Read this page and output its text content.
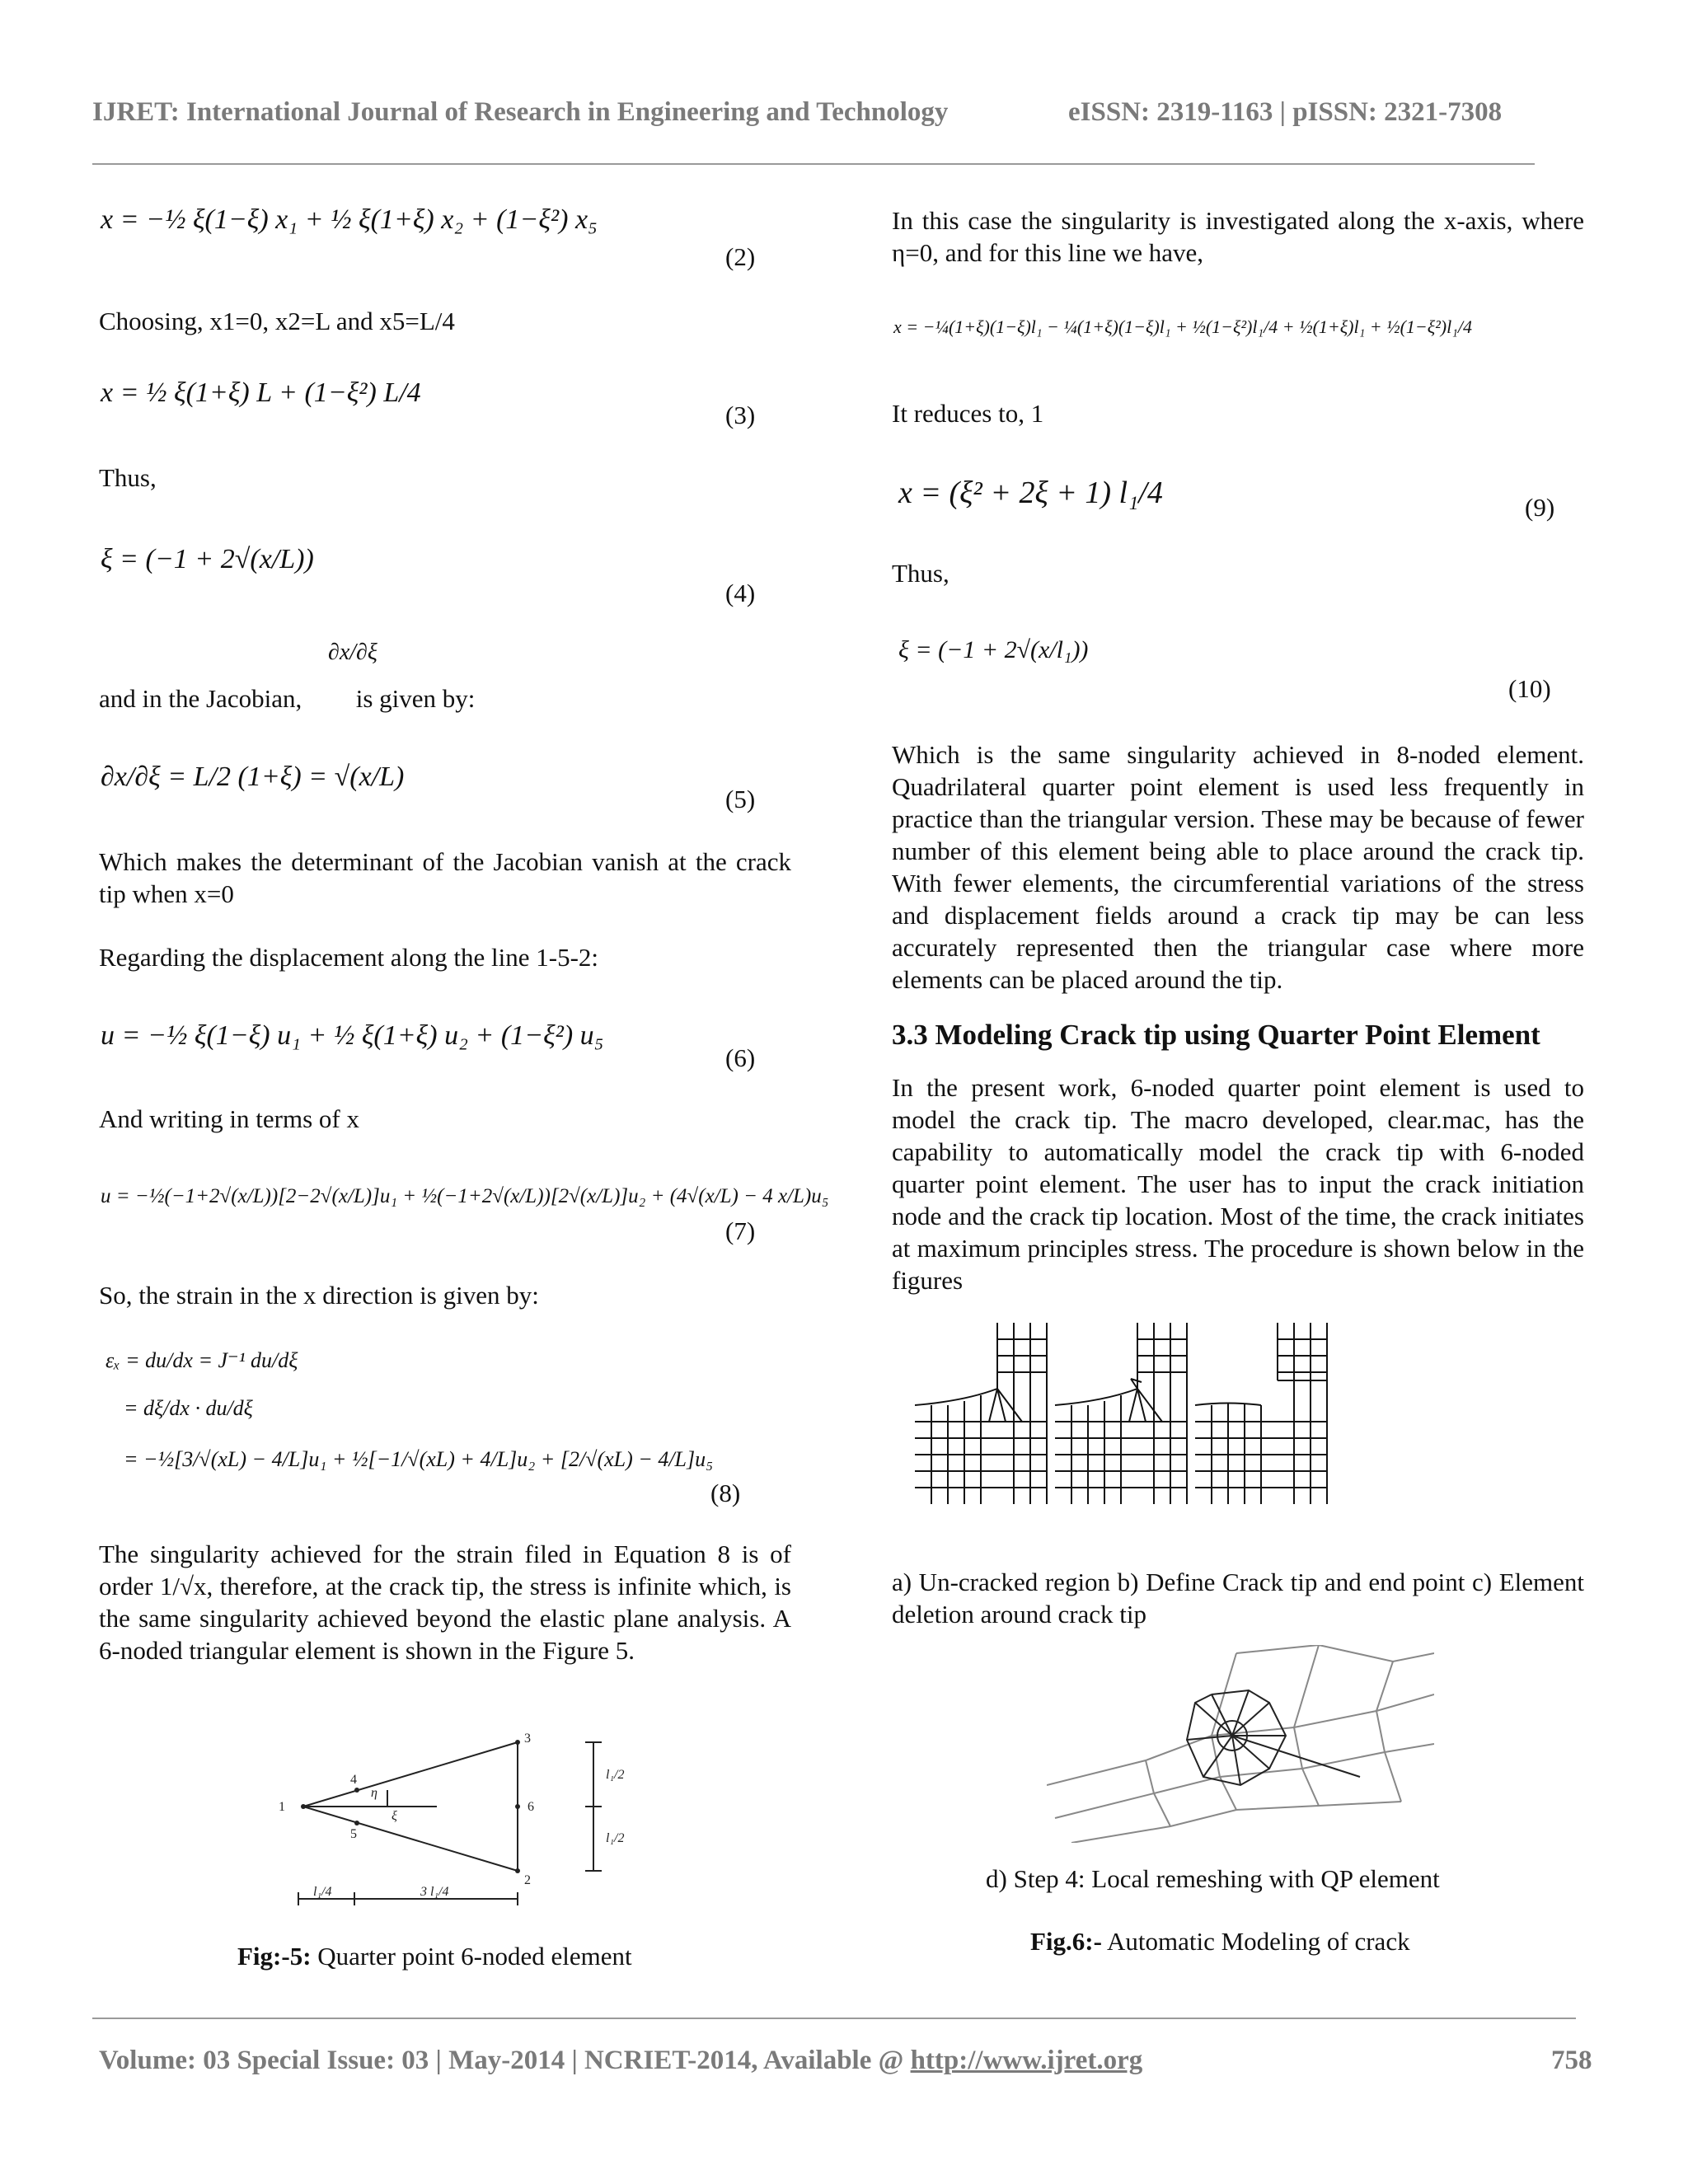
IJRET: International Journal of Research in Engineering and Technology	eISSN: 2319-1163 | pISSN: 2321-7308
x = −½ ξ(1−ξ) x₁ + ½ ξ(1+ξ) x₂ + (1−ξ²) x₅
(2)
Choosing, x1=0, x2=L and x5=L/4
x = ½ ξ(1+ξ) L + (1−ξ²) L/4
(3)
Thus,
ξ = (−1 + 2√(x/L))
(4)
∂x/∂ξ
and in the Jacobian, is given by:
∂x/∂ξ = L/2 (1+ξ) = √(x/L)
(5)
Which makes the determinant of the Jacobian vanish at the crack tip when x=0
Regarding the displacement along the line 1-5-2:
u = −½ ξ(1−ξ) u₁ + ½ ξ(1+ξ) u₂ + (1−ξ²) u₅
(6)
And writing in terms of x
u = −½(−1+2√(x/L))[2−2√(x/L)]u₁ + ½(−1+2√(x/L))[2√(x/L)]u₂ + (4√(x/L) − 4 x/L)u₅
(7)
So, the strain in the x direction is given by:
εₓ = du/dx = J⁻¹ du/dξ
= dξ/dx · du/dξ
= −½[3/√(xL) − 4/L]u₁ + ½[−1/√(xL) + 4/L]u₂ + [2/√(xL) − 4/L]u₅
(8)
The singularity achieved for the strain filed in Equation 8 is of order 1/√x, therefore, at the crack tip, the stress is infinite which, is the same singularity achieved beyond the elastic plane analysis. A 6-noded triangular element is shown in the Figure 5.
1
2
3
4
5
6
η
ξ
l₁/2
l₁/2
l₁/4	3 l₁/4
Fig:-5: Quarter point 6-noded element
In this case the singularity is investigated along the x-axis, where η=0, and for this line we have,
x = −¼(1+ξ)(1−ξ)l₁ − ¼(1+ξ)(1−ξ)l₁ + ½(1−ξ²)l₁/4 + ½(1+ξ)l₁ + ½(1−ξ²)l₁/4
It reduces to, 1
x = (ξ² + 2ξ + 1) l₁/4	(9)
Thus,
ξ = (−1 + 2√(x/l₁))
(10)
Which is the same singularity achieved in 8-noded element. Quadrilateral quarter point element is used less frequently in practice than the triangular version. These may be because of fewer number of this element being able to place around the crack tip. With fewer elements, the circumferential variations of the stress and displacement fields around a crack tip may be can less accurately represented then the triangular case where more elements can be placed around the tip.
3.3 Modeling Crack tip using Quarter Point Element
In the present work, 6-noded quarter point element is used to model the crack tip. The macro developed, clear.mac, has the capability to automatically model the crack tip with 6-noded quarter point element. The user has to input the crack initiation node and the crack tip location. Most of the time, the crack initiates at maximum principles stress. The procedure is shown below in the figures
a) Un-cracked region b) Define Crack tip and end point c) Element deletion around crack tip
d) Step 4: Local remeshing with QP element
Fig.6:- Automatic Modeling of crack
Volume: 03 Special Issue: 03 | May-2014 | NCRIET-2014, Available @ http://www.ijret.org	758
